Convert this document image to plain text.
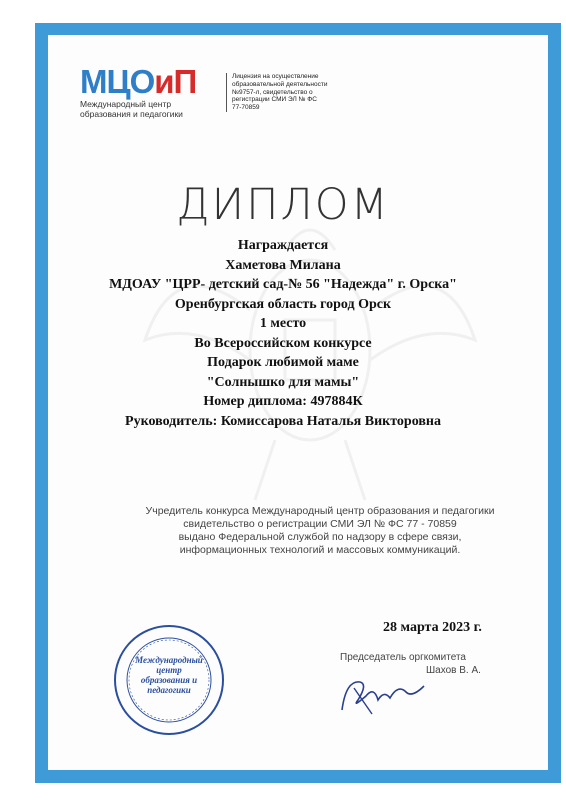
МЦОиП
Международный центр
образования и педагогики
Лицензия на осуществление
образовательной деятельности
№9757-л, свидетельство о
регистрации СМИ ЭЛ № ФС
77-70859
ДИПЛОМ
Награждается
Хаметова Милана
МДОАУ "ЦРР- детский сад-№ 56 "Надежда" г. Орска"
Оренбургская область город Орск
1 место
Во Всероссийском конкурсе
Подарок любимой маме
"Солнышко для мамы"
Номер диплома: 497884К
Руководитель: Комиссарова Наталья Викторовна
Учредитель конкурса Международный центр образования и педагогики
свидетельство о регистрации СМИ ЭЛ № ФС 77 - 70859
выдано Федеральной службой по надзору в сфере связи,
информационных технологий и массовых коммуникаций.
28 марта 2023 г.
Председатель оргкомитета
Шахов В. А.
Международный
центр
образования и
педагогики
